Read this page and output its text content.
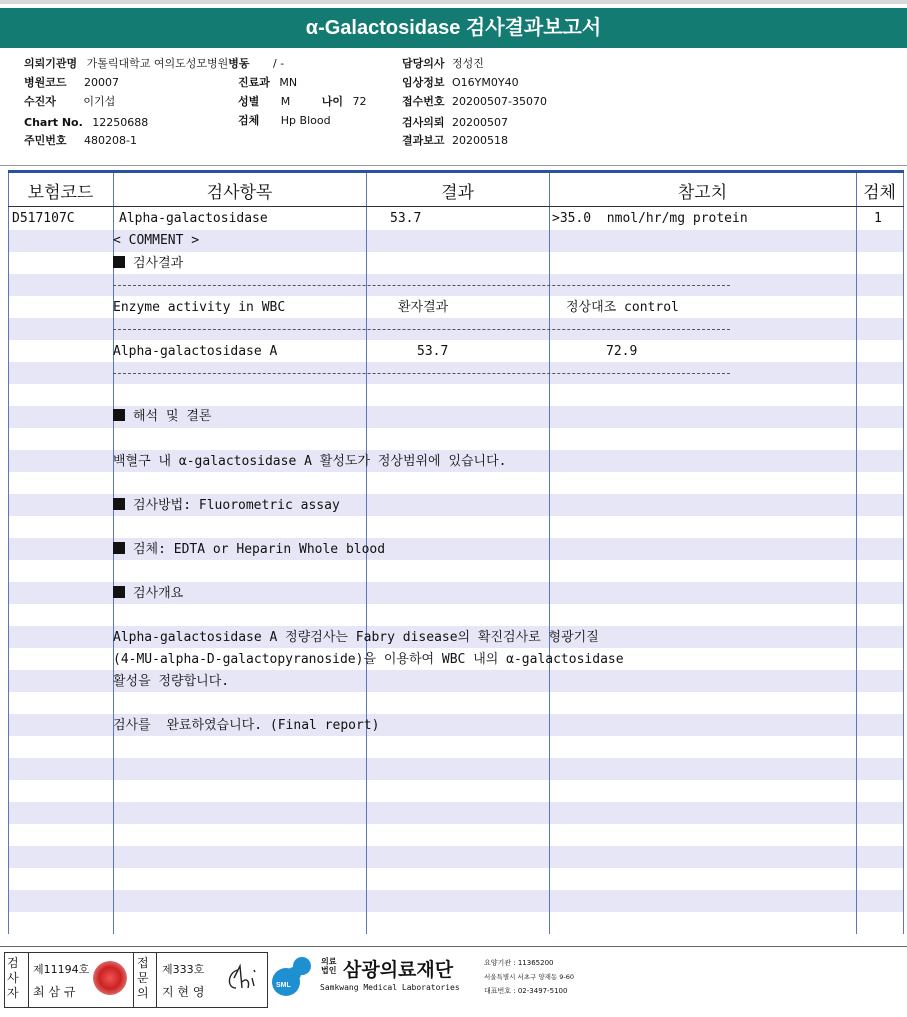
α-Galactosidase 검사결과보고서
의뢰기관명 가톨릭대학교 여의도성모병원병동 / -	담당의사 정성진
병원코드 20007	진료과 MN	임상정보 O16YM0Y40
수진자	이기섭	성별 M	나이 72	접수번호 20200507-35070
Chart No. 12250688	검체 Hp Blood	검사의뢰 20200507
주민번호 480208-1	결과보고 20200518
보험코드	검사항목	결과	참고치	검체
D517107C	Alpha-galactosidase	53.7	>35.0  nmol/hr/mg protein	1
< COMMENT >
검사결과
Enzyme activity in WBC	환자결과	정상대조 control
Alpha-galactosidase A	53.7	72.9
해석 및 결론
백혈구 내 α-galactosidase A 활성도가 정상범위에 있습니다.
검사방법: Fluorometric assay
검체: EDTA or Heparin Whole blood
검사개요
Alpha-galactosidase A 정량검사는 Fabry disease의 확진검사로 형광기질
(4-MU-alpha-D-galactopyranoside)을 이용하여 WBC 내의 α-galactosidase
활성을 정량합니다.
검사를  완료하였습니다. (Final report)
검사자
제11194호
최 삼 규
접문의
제333호
지 현 영	SML
의료
법인 삼광의료재단
Samkwang Medical Laboratories
요양기관 : 11365200
서울특별시 서초구 양재동 9-60
대표번호 : 02-3497-5100
